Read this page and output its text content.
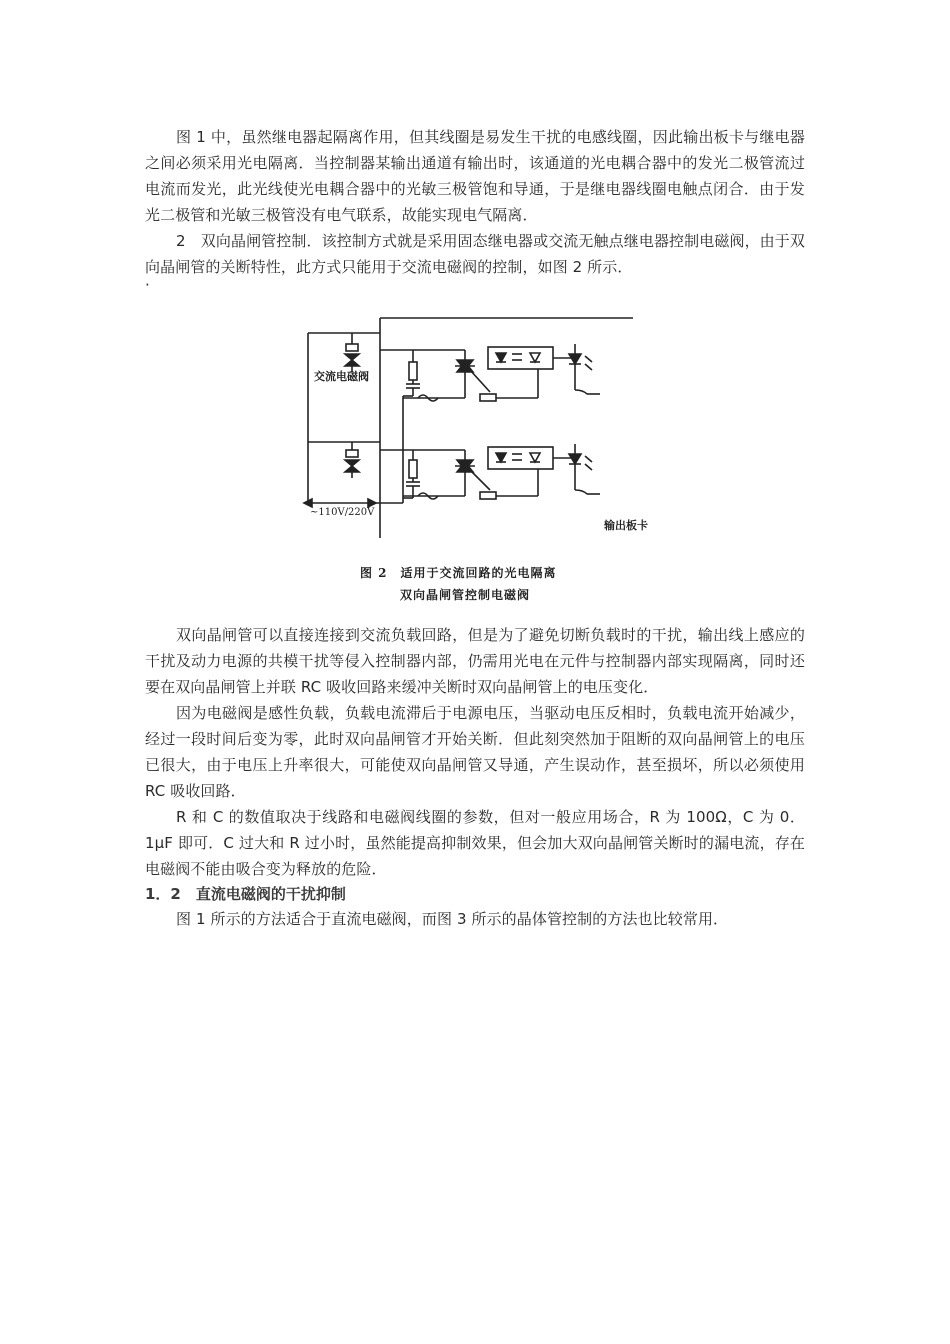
图 1 中，虽然继电器起隔离作用，但其线圈是易发生干扰的电感线圈，因此输出板卡与继电器之间必须采用光电隔离．当控制器某输出通道有输出时，该通道的光电耦合器中的发光二极管流过电流而发光，此光线使光电耦合器中的光敏三极管饱和导通，于是继电器线圈电触点闭合．由于发光二极管和光敏三极管没有电气联系，故能实现电气隔离．

2　双向晶闸管控制．该控制方式就是采用固态继电器或交流无触点继电器控制电磁阀，由于双向晶闸管的关断特性，此方式只能用于交流电磁阀的控制，如图 2 所示．

·

交流电磁阀
~110V/220V
输出板卡
图 2　适用于交流回路的光电隔离
双向晶闸管控制电磁阀

双向晶闸管可以直接连接到交流负载回路，但是为了避免切断负载时的干扰，输出线上感应的干扰及动力电源的共模干扰等侵入控制器内部，仍需用光电在元件与控制器内部实现隔离，同时还要在双向晶闸管上并联 RC 吸收回路来缓冲关断时双向晶闸管上的电压变化．

因为电磁阀是感性负载，负载电流滞后于电源电压，当驱动电压反相时，负载电流开始减少，经过一段时间后变为零，此时双向晶闸管才开始关断．但此刻突然加于阻断的双向晶闸管上的电压已很大，由于电压上升率很大，可能使双向晶闸管又导通，产生误动作，甚至损坏，所以必须使用 RC 吸收回路．

R 和 C 的数值取决于线路和电磁阀线圈的参数，但对一般应用场合，R 为 100Ω，C 为 0．1μF 即可．C 过大和 R 过小时，虽然能提高抑制效果，但会加大双向晶闸管关断时的漏电流，存在电磁阀不能由吸合变为释放的危险．

1．2　直流电磁阀的干扰抑制

图 1 所示的方法适合于直流电磁阀，而图 3 所示的晶体管控制的方法也比较常用．
